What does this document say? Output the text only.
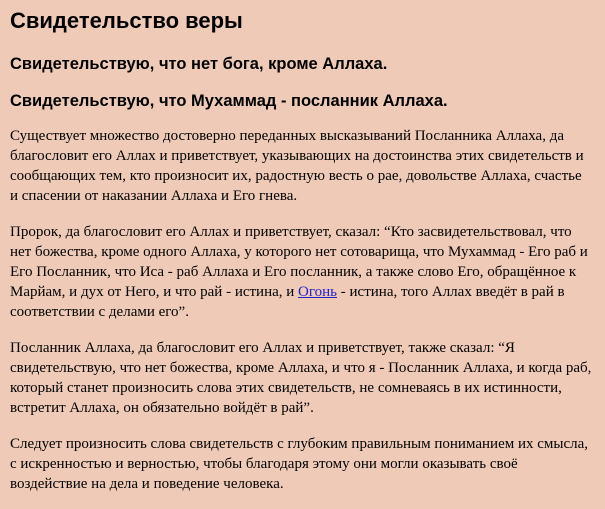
Свидетельство веры
Свидетельствую, что нет бога, кроме Аллаха.
Свидетельствую, что Мухаммад - посланник Аллаха.

Существует множество достоверно переданных высказываний Посланника Аллаха, да благословит его Аллах и приветствует, указывающих на достоинства этих свидетельств и сообщающих тем, кто произносит их, радостную весть о рае, довольстве Аллаха, счастье и спасении от наказании Аллаха и Его гнева.

Пророк, да благословит его Аллах и приветствует, сказал: “Кто засвидетельствовал, что нет божества, кроме одного Аллаха, у которого нет сотоварища, что Мухаммад - Его раб и Его Посланник, что Иса - раб Аллаха и Его посланник, а также слово Его, обращённое к Марйам, и дух от Него, и что рай - истина, и Огонь - истина, того Аллах введёт в рай в соответствии с делами его”.

Посланник Аллаха, да благословит его Аллах и приветствует, также сказал: “Я свидетельствую, что нет божества, кроме Аллаха, и что я - Посланник Аллаха, и когда раб, который станет произносить слова этих свидетельств, не сомневаясь в их истинности, встретит Аллаха, он обязательно войдёт в рай”.

Следует произносить слова свидетельств с глубоким правильным пониманием их смысла, с искренностью и верностью, чтобы благодаря этому они могли оказывать своё воздействие на дела и поведение человека.
